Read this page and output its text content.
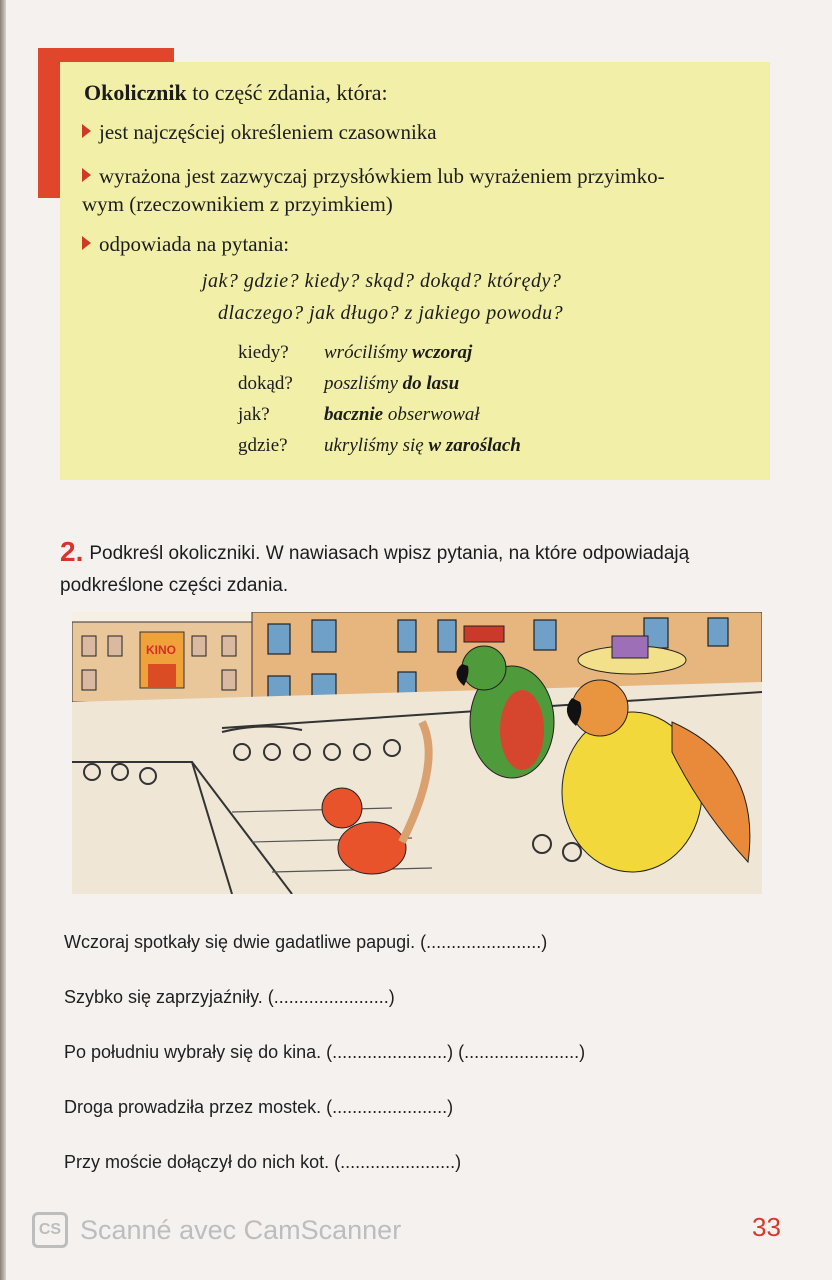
Okolicznik to część zdania, która:
jest najczęściej określeniem czasownika
wyrażona jest zazwyczaj przysłówkiem lub wyrażeniem przyimko-
wym (rzeczownikiem z przyimkiem)
odpowiada na pytania:
jak? gdzie? kiedy? skąd? dokąd? którędy?
dlaczego? jak długo? z jakiego powodu?
kiedy? wróciliśmy wczoraj
dokąd? poszliśmy do lasu
jak?	bacznie obserwował
gdzie? ukryliśmy się w zaroślach
2. Podkreśl okoliczniki. W nawiasach wpisz pytania, na które odpowiadają podkreślone części zdania.
KINO
Wczoraj spotkały się dwie gadatliwe papugi. (.......................)
Szybko się zaprzyjaźniły. (.......................)
Po południu wybrały się do kina. (.......................) (.......................)
Droga prowadziła przez mostek. (.......................)
Przy moście dołączył do nich kot. (.......................)
CS Scanné avec CamScanner	33
